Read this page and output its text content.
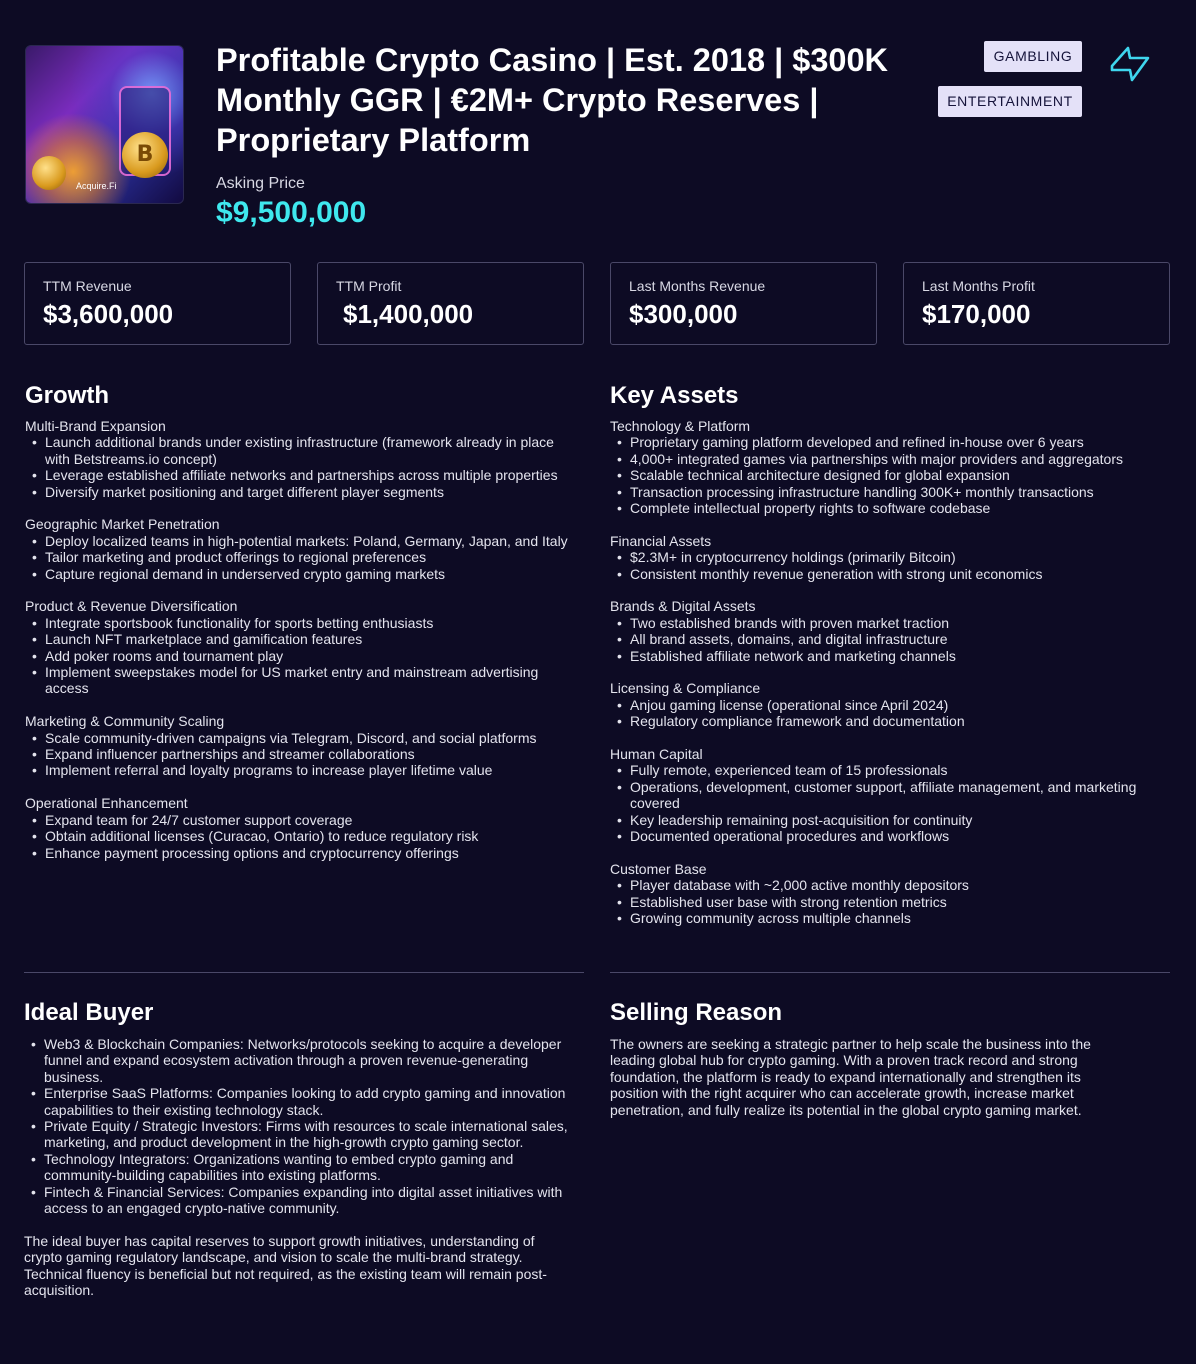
B
Acquire.Fi
Profitable Crypto Casino | Est. 2018 | $300K Monthly GGR | €2M+ Crypto Reserves | Proprietary Platform
Asking Price
$9,500,000
GAMBLING
ENTERTAINMENT
TTM Revenue
$3,600,000
TTM Profit
$1,400,000
Last Months Revenue
$300,000
Last Months Profit
$170,000
Growth
Multi-Brand Expansion
• Launch additional brands under existing infrastructure (framework already in place with Betstreams.io concept)
• Leverage established affiliate networks and partnerships across multiple properties
• Diversify market positioning and target different player segments
Geographic Market Penetration
• Deploy localized teams in high-potential markets: Poland, Germany, Japan, and Italy
• Tailor marketing and product offerings to regional preferences
• Capture regional demand in underserved crypto gaming markets
Product & Revenue Diversification
• Integrate sportsbook functionality for sports betting enthusiasts
• Launch NFT marketplace and gamification features
• Add poker rooms and tournament play
• Implement sweepstakes model for US market entry and mainstream advertising access
Marketing & Community Scaling
• Scale community-driven campaigns via Telegram, Discord, and social platforms
• Expand influencer partnerships and streamer collaborations
• Implement referral and loyalty programs to increase player lifetime value
Operational Enhancement
• Expand team for 24/7 customer support coverage
• Obtain additional licenses (Curacao, Ontario) to reduce regulatory risk
• Enhance payment processing options and cryptocurrency offerings
Key Assets
Technology & Platform
• Proprietary gaming platform developed and refined in-house over 6 years
• 4,000+ integrated games via partnerships with major providers and aggregators
• Scalable technical architecture designed for global expansion
• Transaction processing infrastructure handling 300K+ monthly transactions
• Complete intellectual property rights to software codebase
Financial Assets
• $2.3M+ in cryptocurrency holdings (primarily Bitcoin)
• Consistent monthly revenue generation with strong unit economics
Brands & Digital Assets
• Two established brands with proven market traction
• All brand assets, domains, and digital infrastructure
• Established affiliate network and marketing channels
Licensing & Compliance
• Anjou gaming license (operational since April 2024)
• Regulatory compliance framework and documentation
Human Capital
• Fully remote, experienced team of 15 professionals
• Operations, development, customer support, affiliate management, and marketing covered
• Key leadership remaining post-acquisition for continuity
• Documented operational procedures and workflows
Customer Base
• Player database with ~2,000 active monthly depositors
• Established user base with strong retention metrics
• Growing community across multiple channels
Ideal Buyer
• Web3 & Blockchain Companies: Networks/protocols seeking to acquire a developer funnel and expand ecosystem activation through a proven revenue-generating business.
• Enterprise SaaS Platforms: Companies looking to add crypto gaming and innovation capabilities to their existing technology stack.
• Private Equity / Strategic Investors: Firms with resources to scale international sales, marketing, and product development in the high-growth crypto gaming sector.
• Technology Integrators: Organizations wanting to embed crypto gaming and community-building capabilities into existing platforms.
• Fintech & Financial Services: Companies expanding into digital asset initiatives with access to an engaged crypto-native community.

The ideal buyer has capital reserves to support growth initiatives, understanding of crypto gaming regulatory landscape, and vision to scale the multi-brand strategy. Technical fluency is beneficial but not required, as the existing team will remain post-acquisition.

Selling Reason

The owners are seeking a strategic partner to help scale the business into the leading global hub for crypto gaming. With a proven track record and strong foundation, the platform is ready to expand internationally and strengthen its position with the right acquirer who can accelerate growth, increase market penetration, and fully realize its potential in the global crypto gaming market.
